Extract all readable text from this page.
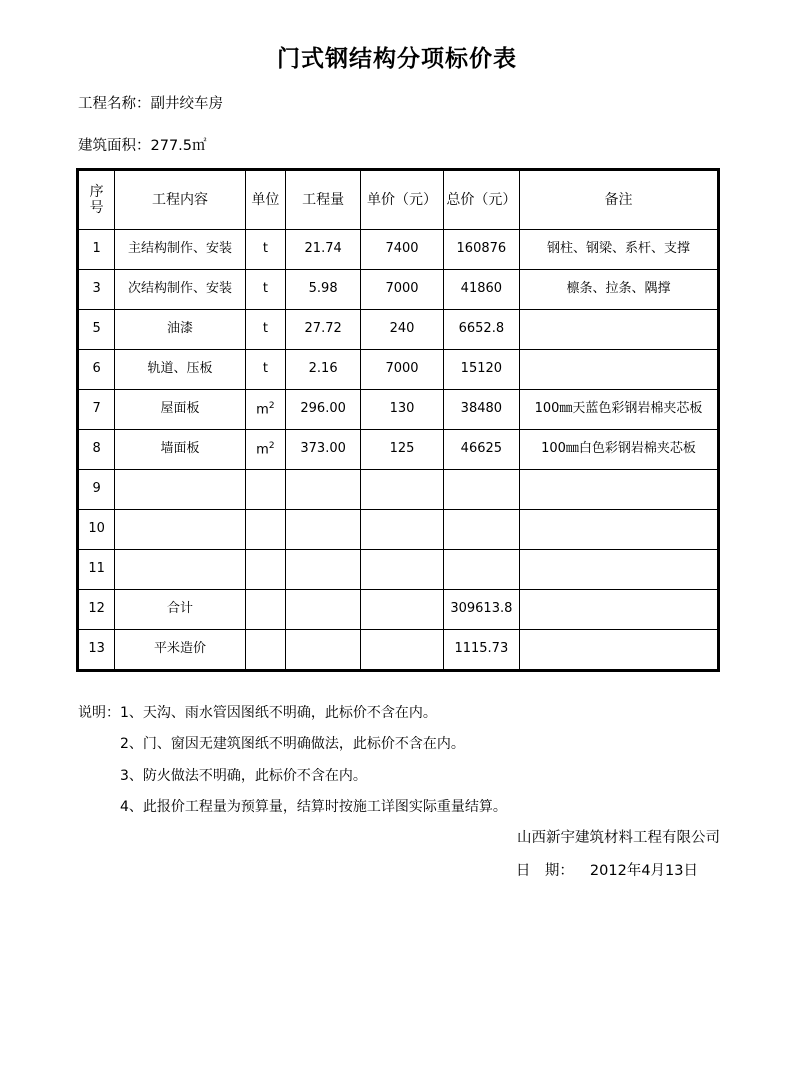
门式钢结构分项标价表
工程名称：副井绞车房
建筑面积：277.5㎡
序
号	工程内容	单位	工程量	单价（元）	总价（元）	备注
1	主结构制作、安装	t	21.74	7400	160876	钢柱、钢梁、系杆、支撑
3	次结构制作、安装	t	5.98	7000	41860	檩条、拉条、隅撑
5	油漆	t	27.72	240	6652.8	
6	轨道、压板	t	2.16	7000	15120	
7	屋面板	$m^2$	296.00	130	38480	100㎜天蓝色彩钢岩棉夹芯板
8	墙面板	$m^2$	373.00	125	46625	100㎜白色彩钢岩棉夹芯板
9						
10						
11						
12	合计				309613.8	
13	平米造价				1115.73	
说明：1、天沟、雨水管因图纸不明确，此标价不含在内。
2、门、窗因无建筑图纸不明确做法，此标价不含在内。
3、防火做法不明确，此标价不含在内。
4、此报价工程量为预算量，结算时按施工详图实际重量结算。
山西新宇建筑材料工程有限公司
日　期： 2012年4月13日
